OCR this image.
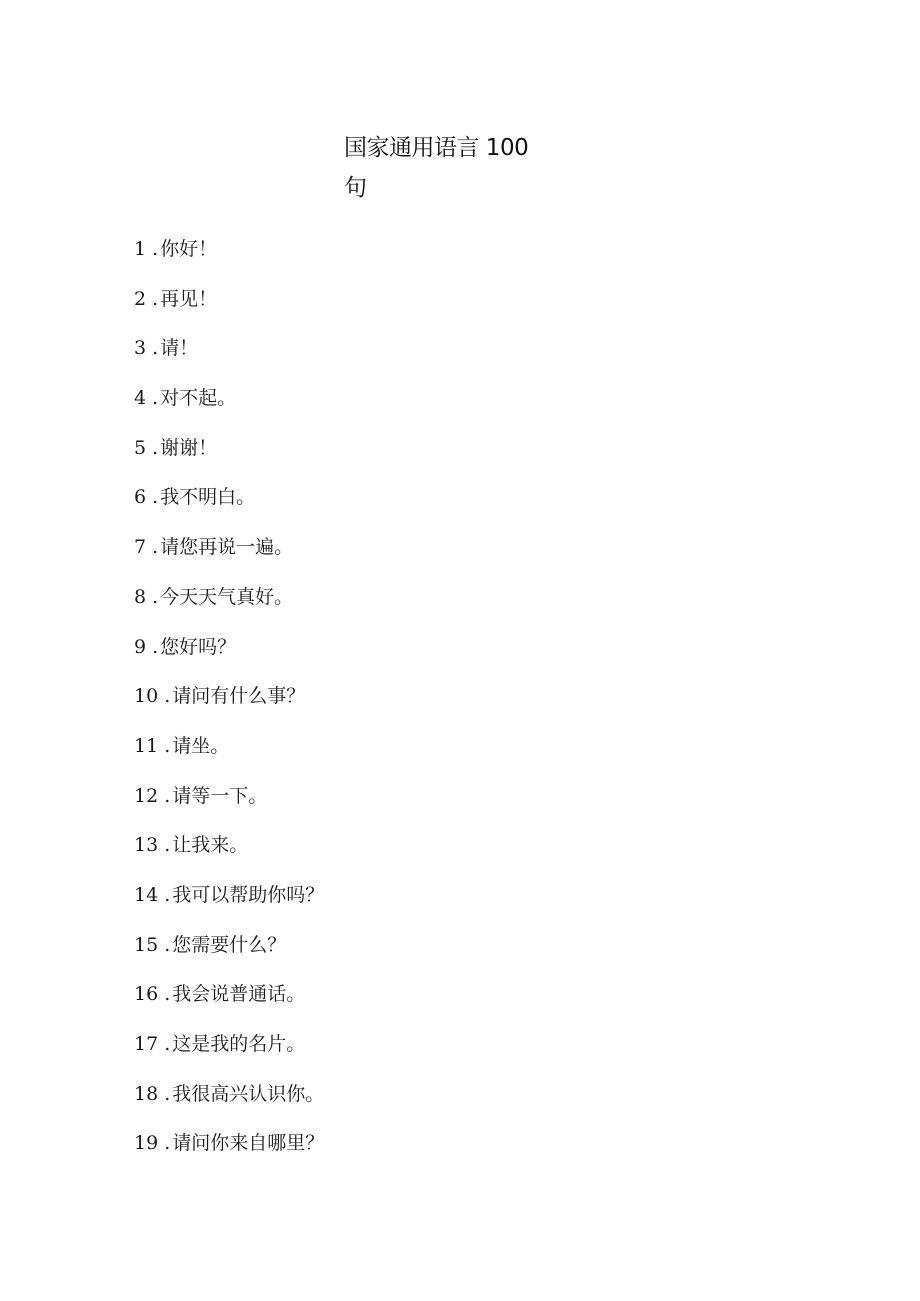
国家通用语言 100
句
1 . 你好！
2 . 再见！
3 . 请！
4 . 对不起。
5 . 谢谢！
6 . 我不明白。
7 . 请您再说一遍。
8 . 今天天气真好。
9 . 您好吗？
10 . 请问有什么事？
11 . 请坐。
12 . 请等一下。
13 . 让我来。
14 . 我可以帮助你吗？
15 . 您需要什么？
16 . 我会说普通话。
17 . 这是我的名片。
18 . 我很高兴认识你。
19 . 请问你来自哪里？
